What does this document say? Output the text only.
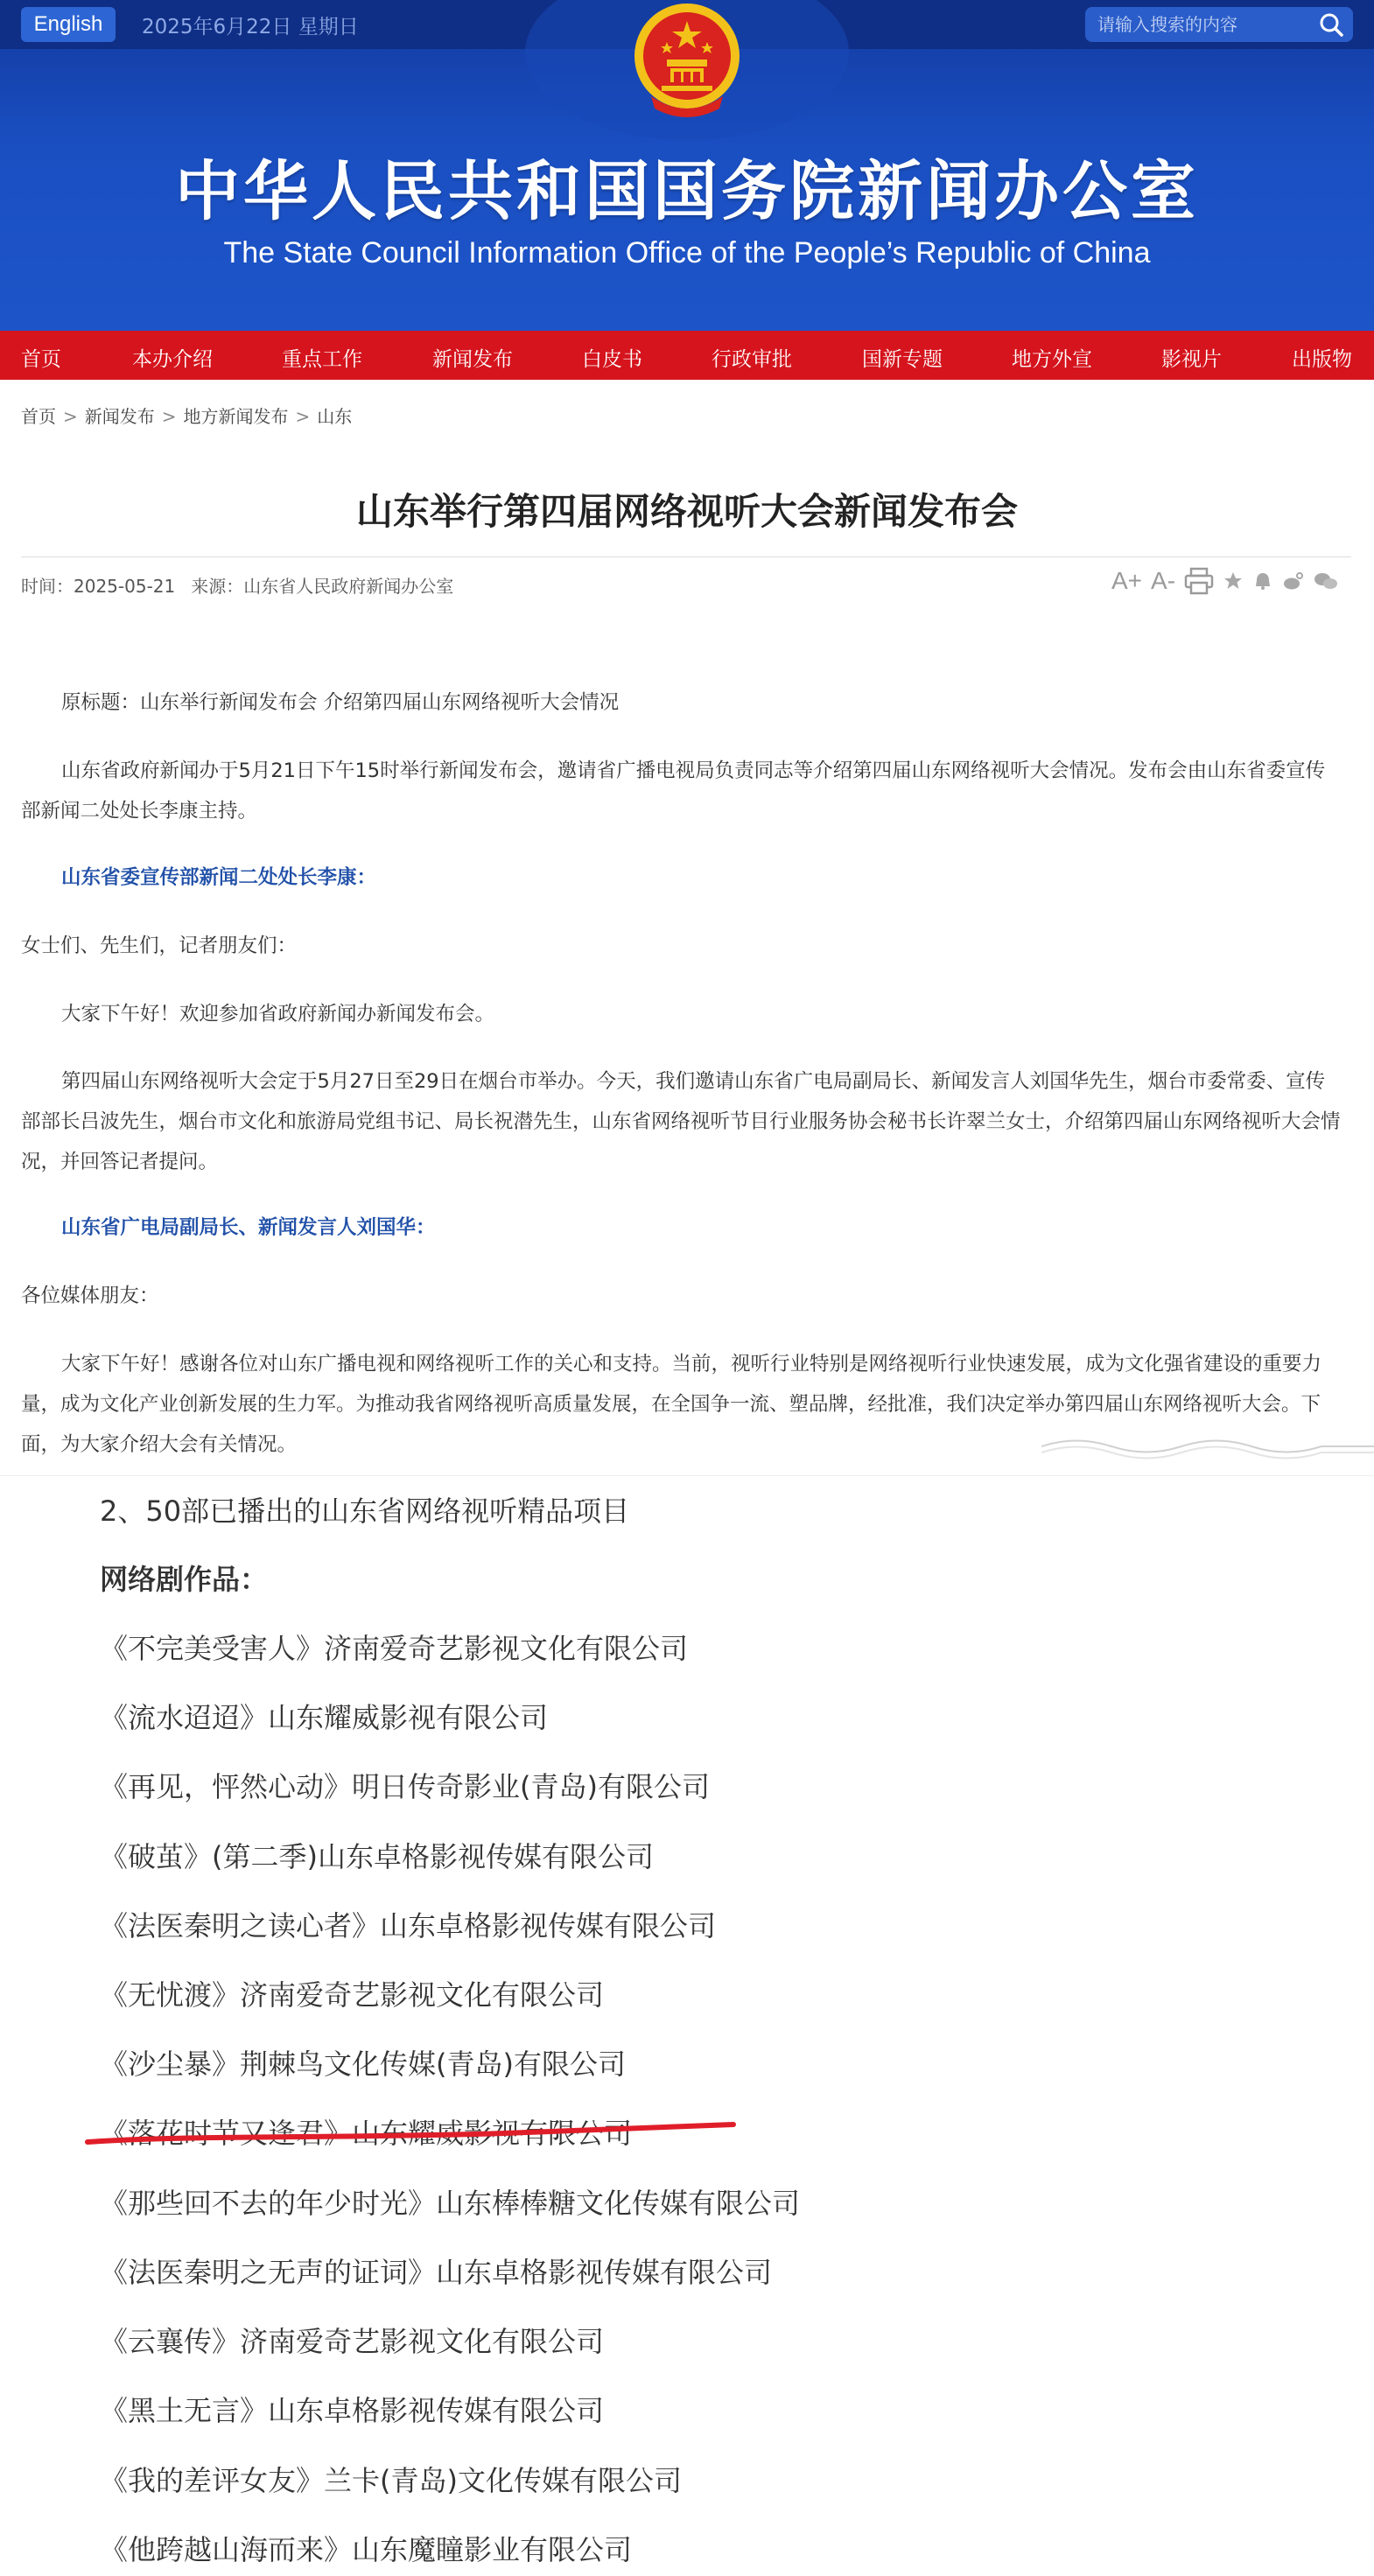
English	2025年6月22日 星期日
请输入搜索的内容
中华人民共和国国务院新闻办公室
The State Council Information Office of the People’s Republic of China
首页	本办介绍	重点工作	新闻发布	白皮书	行政审批	国新专题	地方外宣	影视片	出版物
首页 > 新闻发布 > 地方新闻发布 > 山东
山东举行第四届网络视听大会新闻发布会
时间：2025-05-21 来源：山东省人民政府新闻办公室	A+ A-
原标题：山东举行新闻发布会 介绍第四届山东网络视听大会情况
山东省政府新闻办于5月21日下午15时举行新闻发布会，邀请省广播电视局负责同志等介绍第四届山东网络视听大会情况。发布会由山东省委宣传部新闻二处处长李康主持。
山东省委宣传部新闻二处处长李康：
女士们、先生们，记者朋友们：
大家下午好！欢迎参加省政府新闻办新闻发布会。
第四届山东网络视听大会定于5月27日至29日在烟台市举办。今天，我们邀请山东省广电局副局长、新闻发言人刘国华先生，烟台市委常委、宣传部部长吕波先生，烟台市文化和旅游局党组书记、局长祝潜先生，山东省网络视听节目行业服务协会秘书长许翠兰女士，介绍第四届山东网络视听大会情况，并回答记者提问。
山东省广电局副局长、新闻发言人刘国华：
各位媒体朋友：
大家下午好！感谢各位对山东广播电视和网络视听工作的关心和支持。当前，视听行业特别是网络视听行业快速发展，成为文化强省建设的重要力量，成为文化产业创新发展的生力军。为推动我省网络视听高质量发展，在全国争一流、塑品牌，经批准，我们决定举办第四届山东网络视听大会。下面，为大家介绍大会有关情况。
2、50部已播出的山东省网络视听精品项目
网络剧作品：
《不完美受害人》济南爱奇艺影视文化有限公司
《流水迢迢》山东耀威影视有限公司
《再见，怦然心动》明日传奇影业(青岛)有限公司
《破茧》(第二季)山东卓格影视传媒有限公司
《法医秦明之读心者》山东卓格影视传媒有限公司
《无忧渡》济南爱奇艺影视文化有限公司
《沙尘暴》荆棘鸟文化传媒(青岛)有限公司
《落花时节又逢君》山东耀威影视有限公司
《那些回不去的年少时光》山东棒棒糖文化传媒有限公司
《法医秦明之无声的证词》山东卓格影视传媒有限公司
《云襄传》济南爱奇艺影视文化有限公司
《黑土无言》山东卓格影视传媒有限公司
《我的差评女友》兰卡(青岛)文化传媒有限公司
《他跨越山海而来》山东魔瞳影业有限公司
